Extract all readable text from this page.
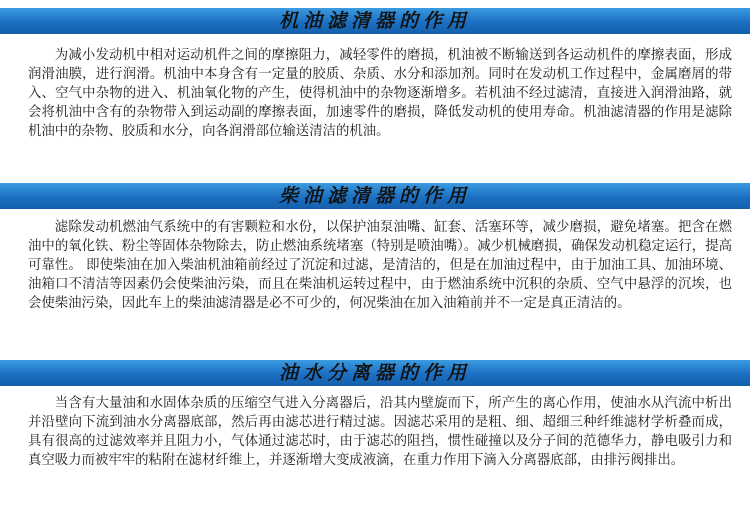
机油滤清器的作用

为减小发动机中相对运动机件之间的摩擦阻力，减轻零件的磨损，机油被不断输送到各运动机件的摩擦表面，形成润滑油膜，进行润滑。机油中本身含有一定量的胶质、杂质、水分和添加剂。同时在发动机工作过程中，金属磨屑的带入、空气中杂物的进入、机油氧化物的产生，使得机油中的杂物逐渐增多。若机油不经过滤清，直接进入润滑油路，就会将机油中含有的杂物带入到运动副的摩擦表面，加速零件的磨损，降低发动机的使用寿命。机油滤清器的作用是滤除机油中的杂物、胶质和水分，向各润滑部位输送清洁的机油。

柴油滤清器的作用

滤除发动机燃油气系统中的有害颗粒和水份，以保护油泵油嘴、缸套、活塞环等，减少磨损，避免堵塞。把含在燃油中的氧化铁、粉尘等固体杂物除去，防止燃油系统堵塞（特别是喷油嘴）。减少机械磨损，确保发动机稳定运行，提高可靠性。 即使柴油在加入柴油机油箱前经过了沉淀和过滤，是清洁的，但是在加油过程中，由于加油工具、加油环境、油箱口不清洁等因素仍会使柴油污染，而且在柴油机运转过程中，由于燃油系统中沉积的杂质、空气中悬浮的沉埃，也会使柴油污染，因此车上的柴油滤清器是必不可少的，何况柴油在加入油箱前并不一定是真正清洁的。

油水分离器的作用

当含有大量油和水固体杂质的压缩空气进入分离器后，沿其内壁旋而下，所产生的离心作用，使油水从汽流中析出并沿壁向下流到油水分离器底部，然后再由滤芯进行精过滤。因滤芯采用的是粗、细、超细三种纤维滤材学析叠而成，具有很高的过滤效率并且阻力小，气体通过滤芯时，由于滤芯的阻挡，惯性碰撞以及分子间的范德华力，静电吸引力和真空吸力而被牢牢的粘附在滤材纤维上，并逐渐增大变成液滴，在重力作用下滴入分离器底部，由排污阀排出。
